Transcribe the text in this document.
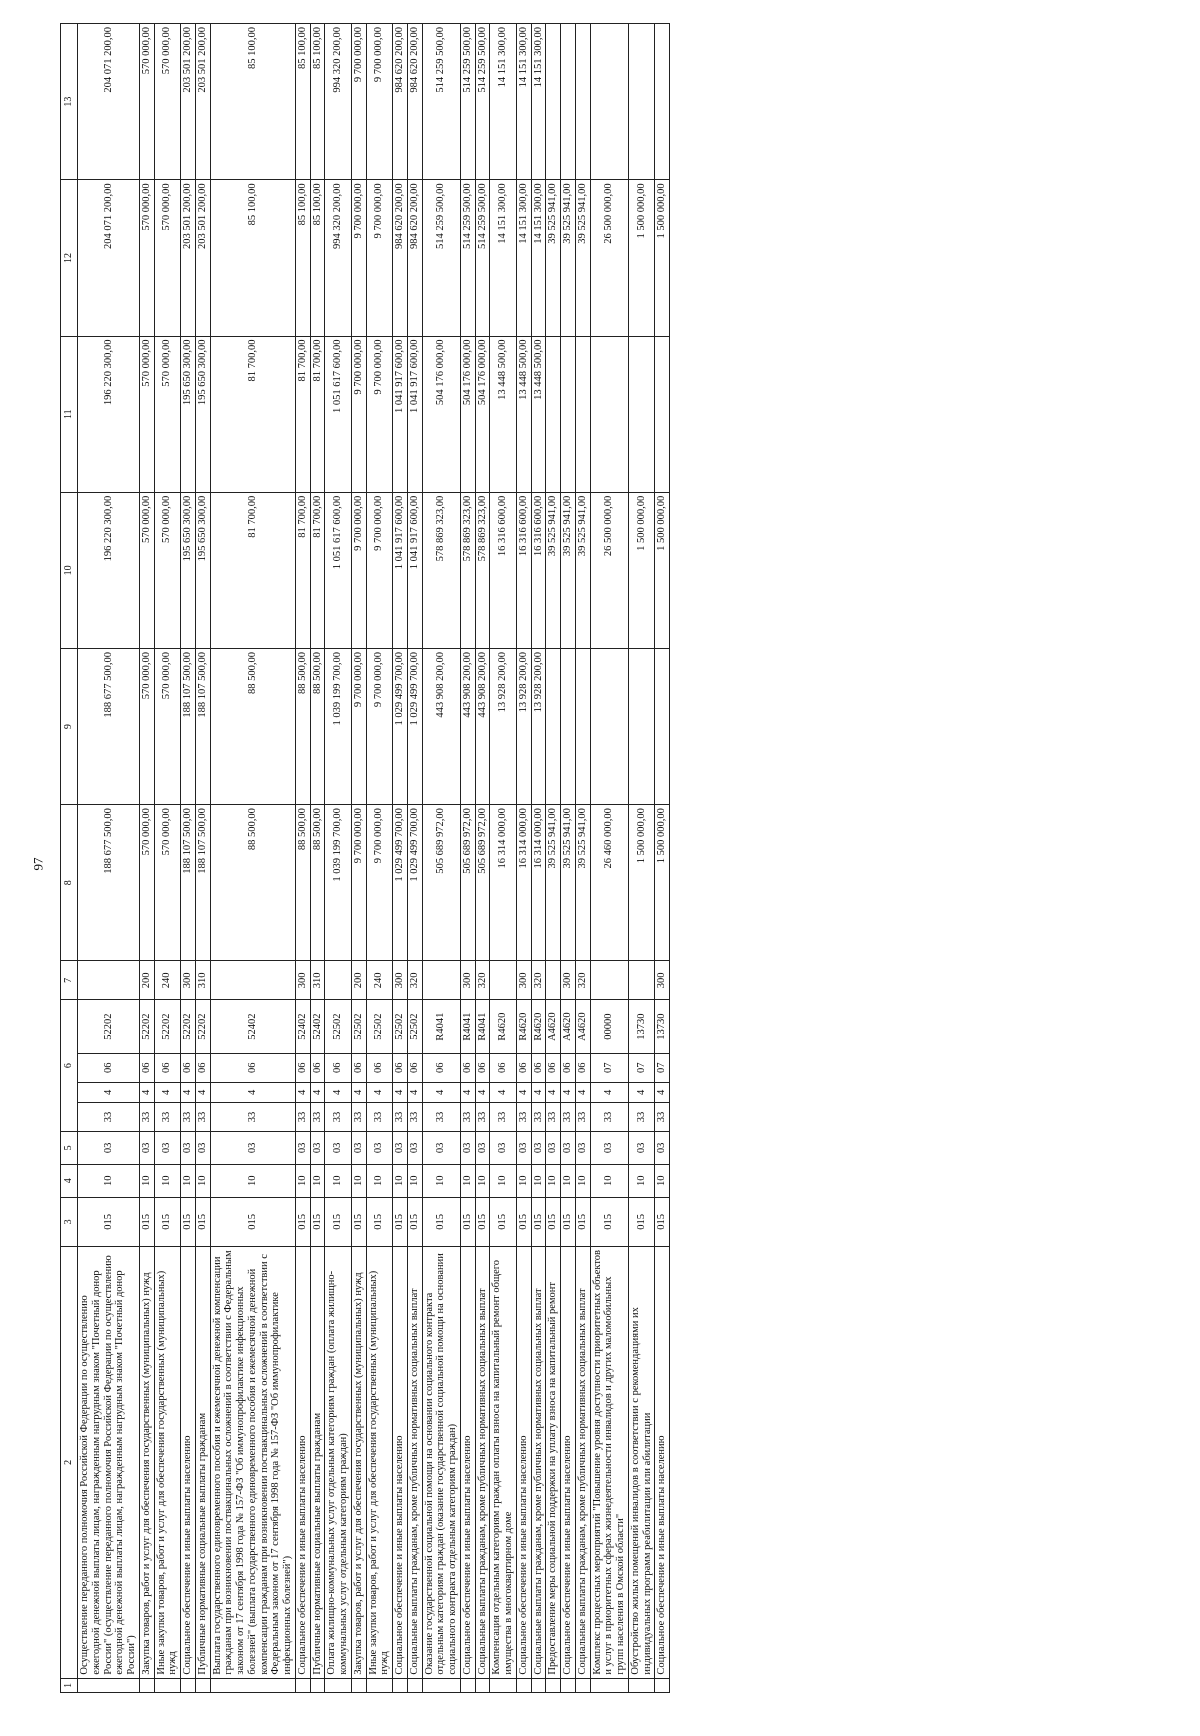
97
1	2	3	4	5	6				7	8	9	10	11	12	13
	Осуществление переданного полномочия Российской Федерации по осуществлению ежегодной денежной выплаты лицам, награжденным нагрудным знаком "Почетный донор России" (осуществление переданного полномочия Российской Федерации по осуществлению ежегодной денежной выплаты лицам, награжденным нагрудным знаком "Почетный донор России")	015	10	03	33	4	06	52202		188 677 500,00	188 677 500,00	196 220 300,00	196 220 300,00	204 071 200,00	204 071 200,00
	Закупка товаров, работ и услуг для обеспечения государственных (муниципальных) нужд	015	10	03	33	4	06	52202	200	570 000,00	570 000,00	570 000,00	570 000,00	570 000,00	570 000,00
	Иные закупки товаров, работ и услуг для обеспечения государственных (муниципальных) нужд	015	10	03	33	4	06	52202	240	570 000,00	570 000,00	570 000,00	570 000,00	570 000,00	570 000,00
	Социальное обеспечение и иные выплаты населению	015	10	03	33	4	06	52202	300	188 107 500,00	188 107 500,00	195 650 300,00	195 650 300,00	203 501 200,00	203 501 200,00
	Публичные нормативные социальные выплаты гражданам	015	10	03	33	4	06	52202	310	188 107 500,00	188 107 500,00	195 650 300,00	195 650 300,00	203 501 200,00	203 501 200,00
	Выплата государственного единовременного пособия и ежемесячной денежной компенсации гражданам при возникновении поствакцинальных осложнений в соответствии с Федеральным законом от 17 сентября 1998 года № 157-ФЗ "Об иммунопрофилактике инфекционных болезней" (выплата государственного единовременного пособия и ежемесячной денежной компенсации гражданам при возникновении поствакцинальных осложнений в соответствии с Федеральным законом от 17 сентября 1998 года № 157-ФЗ "Об иммунопрофилактике инфекционных болезней")	015	10	03	33	4	06	52402		88 500,00	88 500,00	81 700,00	81 700,00	85 100,00	85 100,00
	Социальное обеспечение и иные выплаты населению	015	10	03	33	4	06	52402	300	88 500,00	88 500,00	81 700,00	81 700,00	85 100,00	85 100,00
	Публичные нормативные социальные выплаты гражданам	015	10	03	33	4	06	52402	310	88 500,00	88 500,00	81 700,00	81 700,00	85 100,00	85 100,00
	Оплата жилищно-коммунальных услуг отдельным категориям граждан (оплата жилищно-коммунальных услуг отдельным категориям граждан)	015	10	03	33	4	06	52502		1 039 199 700,00	1 039 199 700,00	1 051 617 600,00	1 051 617 600,00	994 320 200,00	994 320 200,00
	Закупка товаров, работ и услуг для обеспечения государственных (муниципальных) нужд	015	10	03	33	4	06	52502	200	9 700 000,00	9 700 000,00	9 700 000,00	9 700 000,00	9 700 000,00	9 700 000,00
	Иные закупки товаров, работ и услуг для обеспечения государственных (муниципальных) нужд	015	10	03	33	4	06	52502	240	9 700 000,00	9 700 000,00	9 700 000,00	9 700 000,00	9 700 000,00	9 700 000,00
	Социальное обеспечение и иные выплаты населению	015	10	03	33	4	06	52502	300	1 029 499 700,00	1 029 499 700,00	1 041 917 600,00	1 041 917 600,00	984 620 200,00	984 620 200,00
	Социальные выплаты гражданам, кроме публичных нормативных социальных выплат	015	10	03	33	4	06	52502	320	1 029 499 700,00	1 029 499 700,00	1 041 917 600,00	1 041 917 600,00	984 620 200,00	984 620 200,00
	Оказание государственной социальной помощи на основании социального контракта отдельным категориям граждан (оказание государственной социальной помощи на основании социального контракта отдельным категориям граждан)	015	10	03	33	4	06	R4041		505 689 972,00	443 908 200,00	578 869 323,00	504 176 000,00	514 259 500,00	514 259 500,00
	Социальное обеспечение и иные выплаты населению	015	10	03	33	4	06	R4041	300	505 689 972,00	443 908 200,00	578 869 323,00	504 176 000,00	514 259 500,00	514 259 500,00
	Социальные выплаты гражданам, кроме публичных нормативных социальных выплат	015	10	03	33	4	06	R4041	320	505 689 972,00	443 908 200,00	578 869 323,00	504 176 000,00	514 259 500,00	514 259 500,00
	Компенсация отдельным категориям граждан оплаты взноса на капитальный ремонт общего имущества в многоквартирном доме	015	10	03	33	4	06	R4620		16 314 000,00	13 928 200,00	16 316 600,00	13 448 500,00	14 151 300,00	14 151 300,00
	Социальное обеспечение и иные выплаты населению	015	10	03	33	4	06	R4620	300	16 314 000,00	13 928 200,00	16 316 600,00	13 448 500,00	14 151 300,00	14 151 300,00
	Социальные выплаты гражданам, кроме публичных нормативных социальных выплат	015	10	03	33	4	06	R4620	320	16 314 000,00	13 928 200,00	16 316 600,00	13 448 500,00	14 151 300,00	14 151 300,00
	Предоставление меры социальной поддержки на уплату взноса на капитальный ремонт	015	10	03	33	4	06	A4620		39 525 941,00		39 525 941,00		39 525 941,00	
	Социальное обеспечение и иные выплаты населению	015	10	03	33	4	06	A4620	300	39 525 941,00		39 525 941,00		39 525 941,00	
	Социальные выплаты гражданам, кроме публичных нормативных социальных выплат	015	10	03	33	4	06	A4620	320	39 525 941,00		39 525 941,00		39 525 941,00	
	Комплекс процессных мероприятий "Повышение уровня доступности приоритетных объектов и услуг в приоритетных сферах жизнедеятельности инвалидов и других маломобильных групп населения в Омской области"	015	10	03	33	4	07	00000		26 460 000,00		26 500 000,00		26 500 000,00	
	Обустройство жилых помещений инвалидов в соответствии с рекомендациями их индивидуальных программ реабилитации или абилитации	015	10	03	33	4	07	13730		1 500 000,00		1 500 000,00		1 500 000,00	
	Социальное обеспечение и иные выплаты населению	015	10	03	33	4	07	13730	300	1 500 000,00		1 500 000,00		1 500 000,00	
